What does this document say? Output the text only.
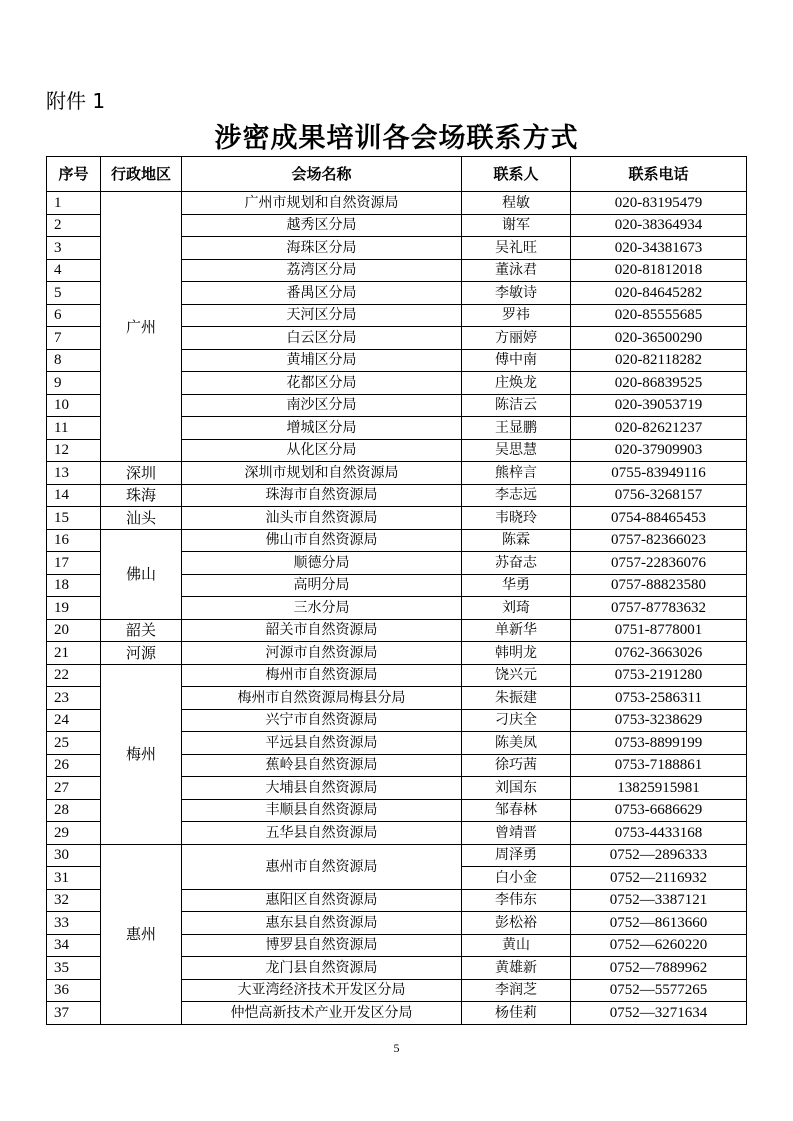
附件 1
涉密成果培训各会场联系方式
序号	行政地区	会场名称	联系人	联系电话
1	广州	广州市规划和自然资源局	程敏	020-83195479
2		越秀区分局	谢军	020-38364934
3		海珠区分局	吴礼旺	020-34381673
4		荔湾区分局	董泳君	020-81812018
5		番禺区分局	李敏诗	020-84645282
6		天河区分局	罗祎	020-85555685
7		白云区分局	方丽婷	020-36500290
8		黄埔区分局	傅中南	020-82118282
9		花都区分局	庄焕龙	020-86839525
10		南沙区分局	陈洁云	020-39053719
11		增城区分局	王显鹏	020-82621237
12		从化区分局	吴思慧	020-37909903
13	深圳	深圳市规划和自然资源局	熊梓言	0755-83949116
14	珠海	珠海市自然资源局	李志远	0756-3268157
15	汕头	汕头市自然资源局	韦晓玲	0754-88465453
16	佛山	佛山市自然资源局	陈霖	0757-82366023
17		顺德分局	苏奋志	0757-22836076
18		高明分局	华勇	0757-88823580
19		三水分局	刘琦	0757-87783632
20	韶关	韶关市自然资源局	单新华	0751-8778001
21	河源	河源市自然资源局	韩明龙	0762-3663026
22	梅州	梅州市自然资源局	饶兴元	0753-2191280
23		梅州市自然资源局梅县分局	朱振建	0753-2586311
24		兴宁市自然资源局	刁庆全	0753-3238629
25		平远县自然资源局	陈美凤	0753-8899199
26		蕉岭县自然资源局	徐巧茜	0753-7188861
27		大埔县自然资源局	刘国东	13825915981
28		丰顺县自然资源局	邹春林	0753-6686629
29		五华县自然资源局	曾靖晋	0753-4433168
30	惠州	惠州市自然资源局	周泽勇	0752—2896333
31			白小金	0752—2116932
32		惠阳区自然资源局	李伟东	0752—3387121
33		惠东县自然资源局	彭松裕	0752—8613660
34		博罗县自然资源局	黄山	0752—6260220
35		龙门县自然资源局	黄雄新	0752—7889962
36		大亚湾经济技术开发区分局	李润芝	0752—5577265
37		仲恺高新技术产业开发区分局	杨佳莉	0752—3271634
5
